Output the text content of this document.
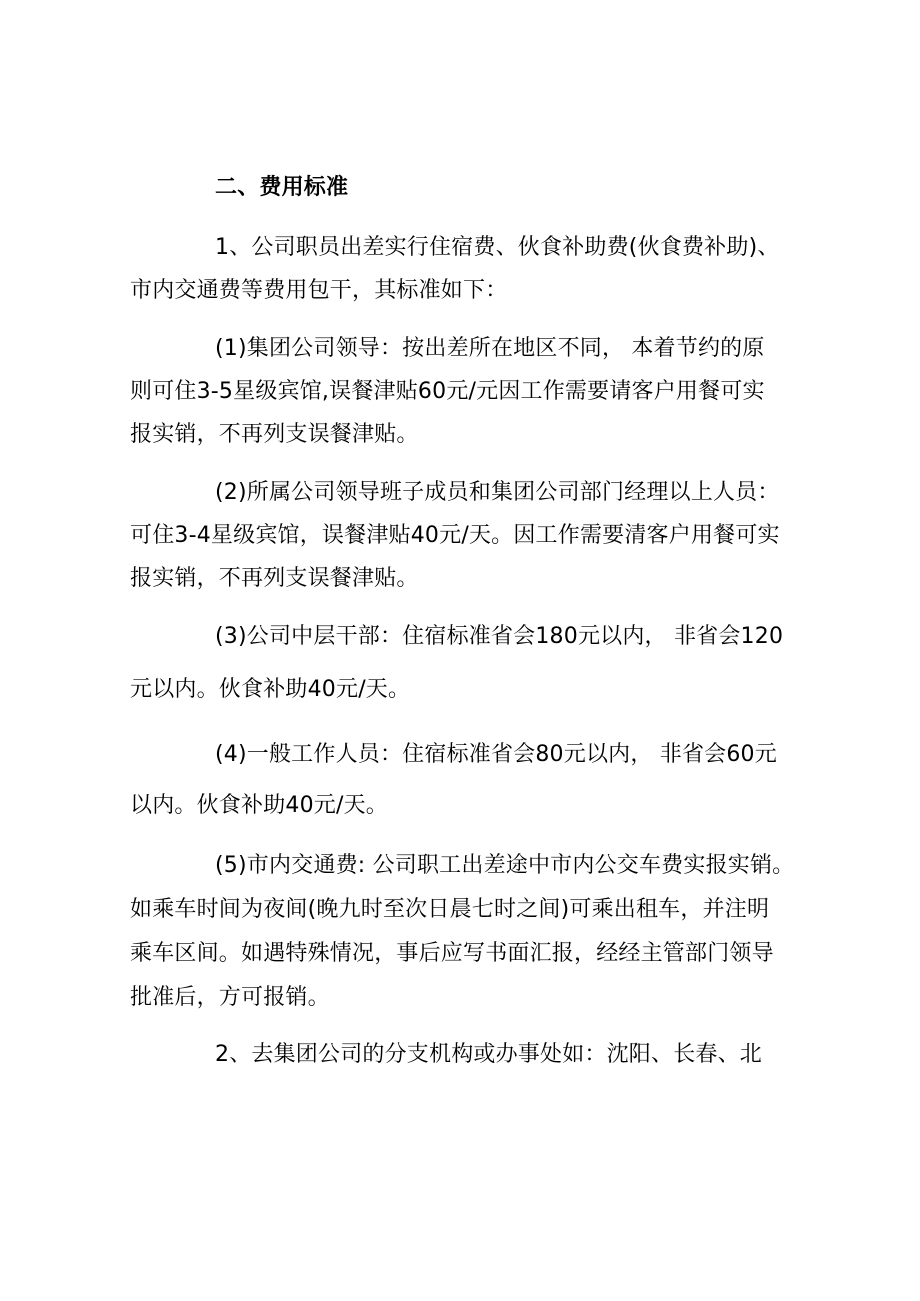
二、费用标准
1、公司职员出差实行住宿费、伙食补助费(伙食费补助)、
市内交通费等费用包干，其标准如下：
(1)集团公司领导：按出差所在地区不同， 本着节约的原
则可住3-5星级宾馆,误餐津贴60元/元因工作需要请客户用餐可实
报实销，不再列支误餐津贴。
(2)所属公司领导班子成员和集团公司部门经理以上人员：
可住3-4星级宾馆，误餐津贴40元/天。因工作需要清客户用餐可实
报实销，不再列支误餐津贴。
(3)公司中层干部：住宿标准省会180元以内， 非省会120
元以内。伙食补助40元/天。
(4)一般工作人员：住宿标准省会80元以内， 非省会60元
以内。伙食补助40元/天。
(5)市内交通费: 公司职工出差途中市内公交车费实报实销。
如乘车时间为夜间(晚九时至次日晨七时之间)可乘出租车，并注明
乘车区间。如遇特殊情况，事后应写书面汇报，经经主管部门领导
批准后，方可报销。
2、去集团公司的分支机构或办事处如：沈阳、长春、北
